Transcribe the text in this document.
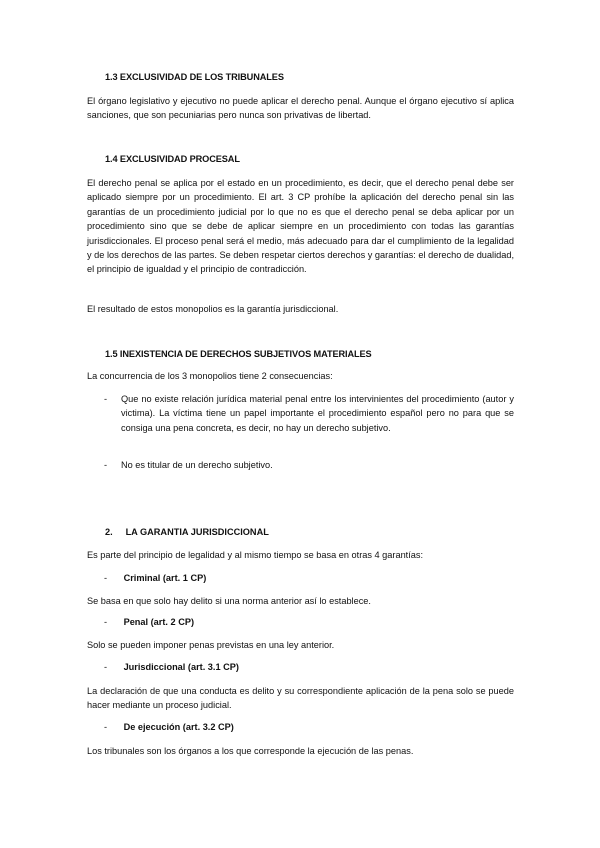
1.3 EXCLUSIVIDAD DE LOS TRIBUNALES
El órgano legislativo y ejecutivo no puede aplicar el derecho penal. Aunque el órgano ejecutivo sí aplica sanciones, que son pecuniarias pero nunca son privativas de libertad.
1.4 EXCLUSIVIDAD PROCESAL
El derecho penal se aplica por el estado en un procedimiento, es decir, que el derecho penal debe ser aplicado siempre por un procedimiento. El art. 3 CP prohíbe la aplicación del derecho penal sin las garantías de un procedimiento judicial por lo que no es que el derecho penal se deba aplicar por un procedimiento sino que se debe de aplicar siempre en un procedimiento con todas las garantías jurisdiccionales. El proceso penal será el medio, más adecuado para dar el cumplimiento de la legalidad y de los derechos de las partes. Se deben respetar ciertos derechos y garantías: el derecho de dualidad, el principio de igualdad y el principio de contradicción.
El resultado de estos monopolios es la garantía jurisdiccional.
1.5 INEXISTENCIA DE DERECHOS SUBJETIVOS MATERIALES
La concurrencia de los 3 monopolios tiene 2 consecuencias:
- Que no existe relación jurídica material penal entre los intervinientes del procedimiento (autor y victima). La víctima tiene un papel importante el procedimiento español pero no para que se consiga una pena concreta, es decir, no hay un derecho subjetivo.
- No es titular de un derecho subjetivo.
2. LA GARANTIA JURISDICCIONAL
Es parte del principio de legalidad y al mismo tiempo se basa en otras 4 garantías:
- Criminal (art. 1 CP)
Se basa en que solo hay delito si una norma anterior así lo establece.
- Penal (art. 2 CP)
Solo se pueden imponer penas previstas en una ley anterior.
- Jurisdiccional (art. 3.1 CP)
La declaración de que una conducta es delito y su correspondiente aplicación de la pena solo se puede hacer mediante un proceso judicial.
- De ejecución (art. 3.2 CP)
Los tribunales son los órganos a los que corresponde la ejecución de las penas.
